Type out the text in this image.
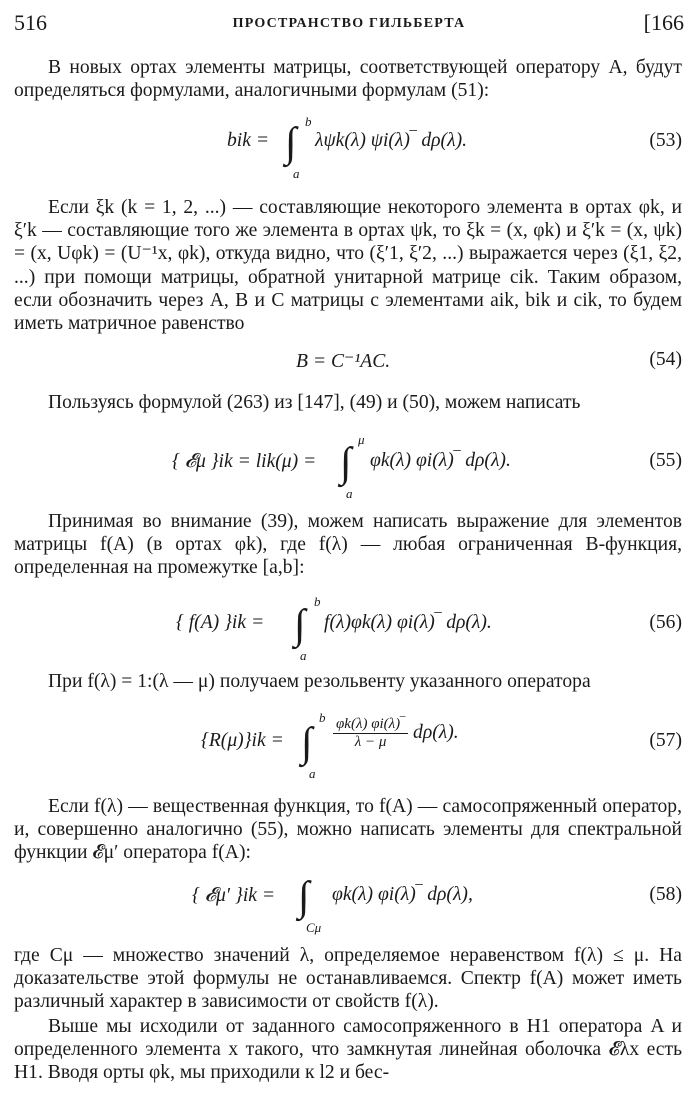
516	ПРОСТРАНСТВО ГИЛЬБЕРТА	[166

В новых ортах элементы матрицы, соответствующей оператору A, будут определяться формулами, аналогичными формулам (51):

bik = ∫ b
a
λψk(λ) ψi(λ)‾ dρ(λ).	(53)

Если ξk (k = 1, 2, ...) — составляющие некоторого элемента в ортах φk, и ξ′k — составляющие того же элемента в ортах ψk, то ξk = (x, φk) и ξ′k = (x, ψk) = (x, Uφk) = (U⁻¹x, φk), откуда видно, что (ξ′1, ξ′2, ...) выражается через (ξ1, ξ2, ...) при помощи матрицы, обратной унитарной матрице cik. Таким образом, если обозначить через A, B и C матрицы с элементами aik, bik и cik, то будем иметь матричное равенство

B = C⁻¹AC.	(54)

Пользуясь формулой (263) из [147], (49) и (50), можем написать

{ 𝓔μ }ik = lik(μ) = ∫
μ
a
φk(λ) φi(λ)‾ dρ(λ).	(55)

Принимая во внимание (39), можем написать выражение для элементов матрицы f(A) (в ортах φk), где f(λ) — любая ограниченная B-функция, определенная на промежутке [a,b]:

{ f(A) }ik = ∫
b
a
f(λ)φk(λ) φi(λ)‾ dρ(λ).	(56)

При f(λ) = 1:(λ — μ) получаем резольвенту указанного оператора

{R(μ)}ik = ∫
b
a
$\frac{\varphi k(\lambda) \varphi i(\lambda)‾}{\lambda - \mu} d\rho(\lambda)$.	(57)

Если f(λ) — вещественная функция, то f(A) — самосопряженный оператор, и, совершенно аналогично (55), можно написать элементы для спектральной функции 𝓔μ′ оператора f(A):

{ 𝓔μ′ }ik = ∫
Cμ
φk(λ) φi(λ)‾ dρ(λ),	(58)

где Cμ — множество значений λ, определяемое неравенством f(λ) ≤ μ. На доказательстве этой формулы не останавливаемся. Спектр f(A) может иметь различный характер в зависимости от свойств f(λ).

Выше мы исходили от заданного самосопряженного в H1 оператора A и определенного элемента x такого, что замкнутая линейная оболочка 𝓔λx есть H1. Вводя орты φk, мы приходили к l2 и бес-
